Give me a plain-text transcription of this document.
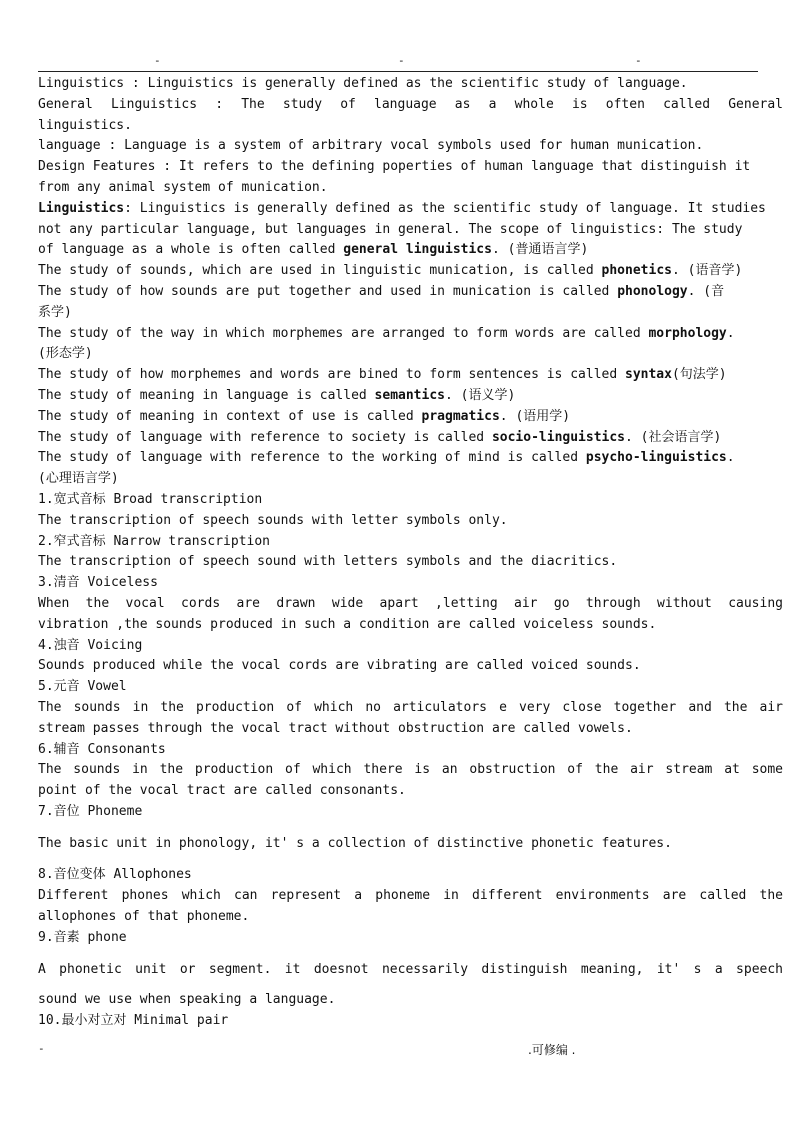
-	-	-

Linguistics : Linguistics is generally defined as the scientific study of language.

General Linguistics : The study of language as a whole is often called General

linguistics.

language : Language is a system of arbitrary vocal symbols used for human munication.

Design Features : It refers to the defining poperties of human language that distinguish it

from any animal system of munication.

Linguistics: Linguistics is generally defined as the scientific study of language. It studies

not any particular language, but languages in general. The scope of linguistics: The study

of language as a whole is often called general linguistics. (普通语言学)

The study of sounds, which are used in linguistic munication, is called phonetics. (语音学)

The study of how sounds are put together and used in munication is called phonology. (音

系学)

The study of the way in which morphemes are arranged to form words are called morphology.

(形态学)

The study of how morphemes and words are bined to form sentences is called syntax(句法学)

The study of meaning in language is called semantics. (语义学)

The study of meaning in context of use is called pragmatics. (语用学)

The study of language with reference to society is called socio-linguistics. (社会语言学)

The study of language with reference to the working of mind is called psycho-linguistics.

(心理语言学)

1.宽式音标 Broad transcription

The transcription of speech sounds with letter symbols only.

2.窄式音标 Narrow transcription

The transcription of speech sound with letters symbols and the diacritics.

3.清音 Voiceless

When the vocal cords are drawn wide apart ,letting air go through without causing

vibration ,the sounds produced in such a condition are called voiceless sounds.

4.浊音 Voicing

Sounds produced while the vocal cords are vibrating are called voiced sounds.

5.元音 Vowel

The sounds in the production of which no articulators e very close together and the air

stream passes through the vocal tract without obstruction are called vowels.

6.辅音 Consonants

The sounds in the production of which there is an obstruction of the air stream at some

point of the vocal tract are called consonants.

7.音位 Phoneme

The basic unit in phonology, it' s a collection of distinctive phonetic features.

8.音位变体 Allophones

Different phones which can represent a phoneme in different environments are called the

allophones of that phoneme.

9.音素 phone

A phonetic unit or segment. it doesnot necessarily distinguish meaning, it' s a speech

sound we use when speaking a language.

10.最小对立对 Minimal pair

-	.可修编 .
